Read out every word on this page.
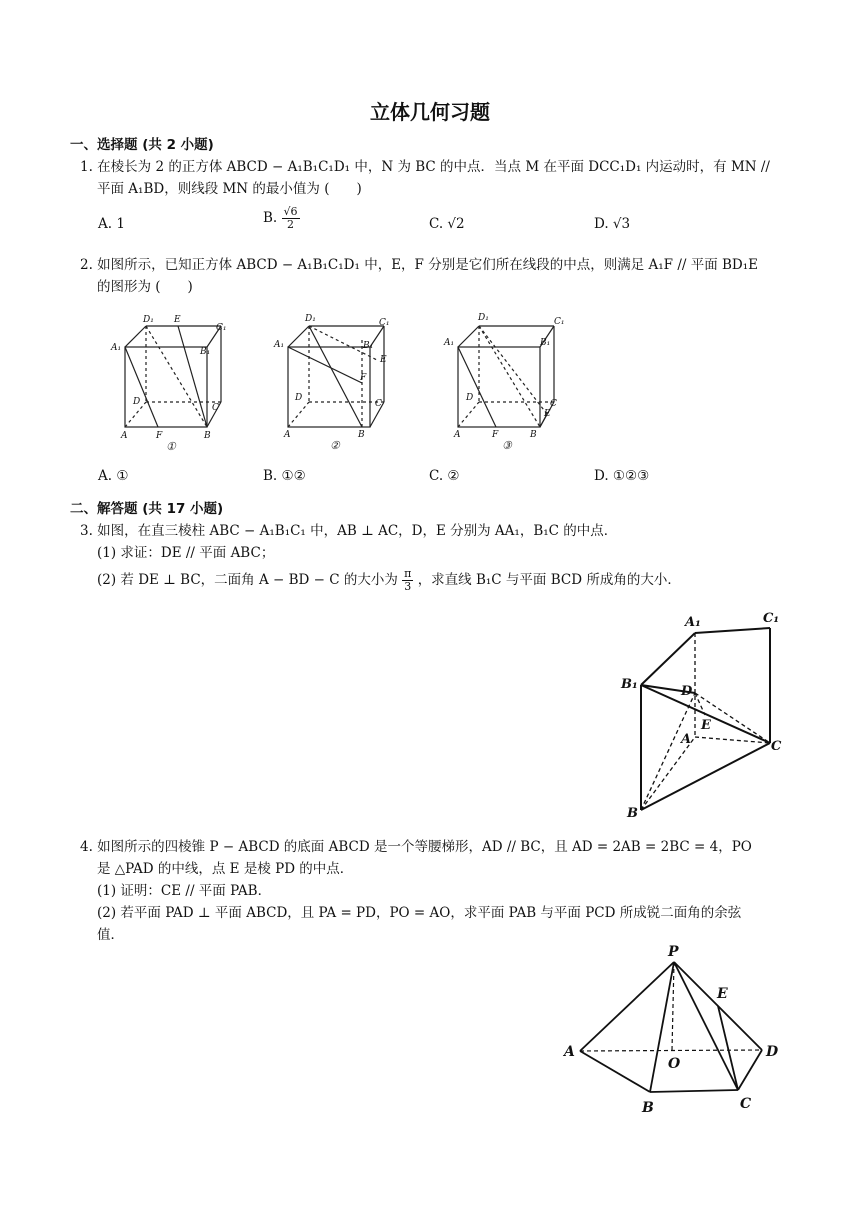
立体几何习题
一、选择题 (共 2 小题)
1. 在棱长为 2 的正方体 ABCD − A₁B₁C₁D₁ 中，N 为 BC 的中点．当点 M 在平面 DCC₁D₁ 内运动时，有 MN //
平面 A₁BD，则线段 MN 的最小值为 (　　)
A. 1	B. $\frac{√6}{2}$	C. √2	D. √3
2. 如图所示，已知正方体 ABCD − A₁B₁C₁D₁ 中，E，F 分别是它们所在线段的中点，则满足 A₁F // 平面 BD₁E
的图形为 (　　)
D₁ E
C₁
A₁	B₁
D
C
A	F	B
D₁	C₁
A₁	B₁
E
F
D
C
A	B
D₁	C₁
A₁	B₁
D
C
E
A	F	B
①	②	③
A. ①	B. ①②	C. ②	D. ①②③
二、解答题 (共 17 小题)
3. 如图，在直三棱柱 ABC − A₁B₁C₁ 中，AB ⊥ AC，D，E 分别为 AA₁，B₁C 的中点．
(1) 求证：DE // 平面 ABC；
(2) 若 DE ⊥ BC，二面角 A − BD − C 的大小为 $\frac{\pi}{3}$ ，求直线 B₁C 与平面 BCD 所成角的大小．
A₁	C₁
B₁	D
E
A	C
B
4. 如图所示的四棱锥 P − ABCD 的底面 ABCD 是一个等腰梯形，AD // BC，且 AD = 2AB = 2BC = 4，PO
是 △PAD 的中线，点 E 是棱 PD 的中点．
(1) 证明：CE // 平面 PAB．
(2) 若平面 PAD ⊥ 平面 ABCD，且 PA = PD，PO = AO，求平面 PAB 与平面 PCD 所成锐二面角的余弦
值．
P
E
A
O
D
B	C
